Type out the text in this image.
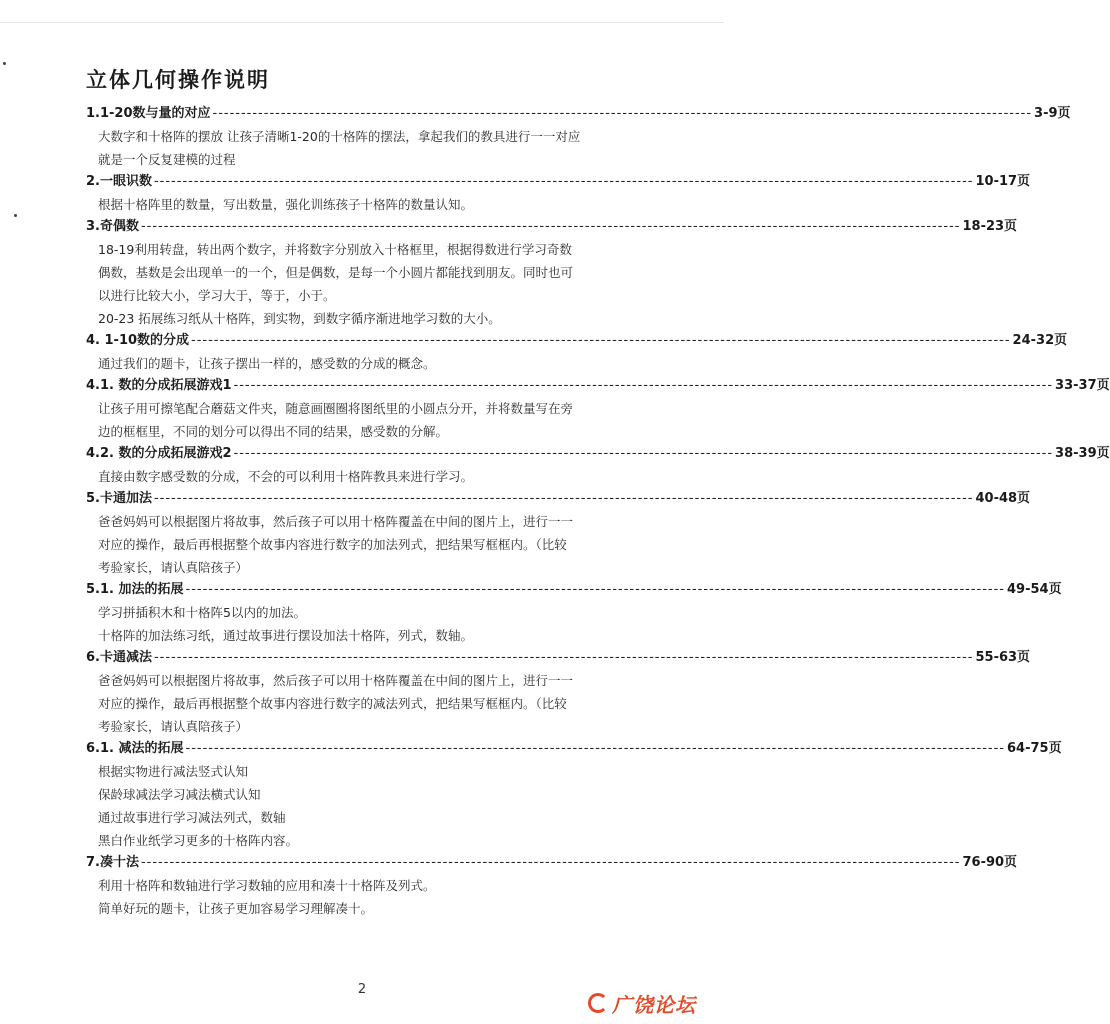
立体几何操作说明
1.1-20数与量的对应 ------------------------------------------------------------------------------------------------------------------------------------------------ 3-9页

大数字和十格阵的摆放 让孩子清晰1-20的十格阵的摆法，拿起我们的教具进行一一对应

就是一个反复建模的过程

2.一眼识数 ------------------------------------------------------------------------------------------------------------------------------------------------ 10-17页

根据十格阵里的数量，写出数量，强化训练孩子十格阵的数量认知。

3.奇偶数 ------------------------------------------------------------------------------------------------------------------------------------------------ 18-23页

18-19利用转盘，转出两个数字，并将数字分别放入十格框里，根据得数进行学习奇数

偶数，基数是会出现单一的一个，但是偶数，是每一个小圆片都能找到朋友。同时也可

以进行比较大小，学习大于，等于，小于。

20-23 拓展练习纸从十格阵，到实物，到数字循序渐进地学习数的大小。

4. 1-10数的分成 ------------------------------------------------------------------------------------------------------------------------------------------------ 24-32页

通过我们的题卡，让孩子摆出一样的，感受数的分成的概念。

4.1. 数的分成拓展游戏1 ------------------------------------------------------------------------------------------------------------------------------------------------ 33-37页

让孩子用可擦笔配合蘑菇文件夹，随意画圈圈将图纸里的小圆点分开，并将数量写在旁

边的框框里，不同的划分可以得出不同的结果，感受数的分解。

4.2. 数的分成拓展游戏2 ------------------------------------------------------------------------------------------------------------------------------------------------ 38-39页

直接由数字感受数的分成，不会的可以利用十格阵教具来进行学习。

5.卡通加法 ------------------------------------------------------------------------------------------------------------------------------------------------ 40-48页

爸爸妈妈可以根据图片将故事，然后孩子可以用十格阵覆盖在中间的图片上，进行一一

对应的操作，最后再根据整个故事内容进行数字的加法列式，把结果写框框内。（比较

考验家长，请认真陪孩子）

5.1. 加法的拓展 ------------------------------------------------------------------------------------------------------------------------------------------------ 49-54页

学习拼插积木和十格阵5以内的加法。

十格阵的加法练习纸，通过故事进行摆设加法十格阵，列式，数轴。

6.卡通减法 ------------------------------------------------------------------------------------------------------------------------------------------------ 55-63页

爸爸妈妈可以根据图片将故事，然后孩子可以用十格阵覆盖在中间的图片上，进行一一

对应的操作，最后再根据整个故事内容进行数字的减法列式，把结果写框框内。（比较

考验家长，请认真陪孩子）

6.1. 减法的拓展 ------------------------------------------------------------------------------------------------------------------------------------------------ 64-75页

根据实物进行减法竖式认知

保龄球减法学习减法横式认知

通过故事进行学习减法列式，数轴

黑白作业纸学习更多的十格阵内容。

7.凑十法 ------------------------------------------------------------------------------------------------------------------------------------------------ 76-90页

利用十格阵和数轴进行学习数轴的应用和凑十十格阵及列式。

简单好玩的题卡，让孩子更加容易学习理解凑十。

2
广饶论坛
